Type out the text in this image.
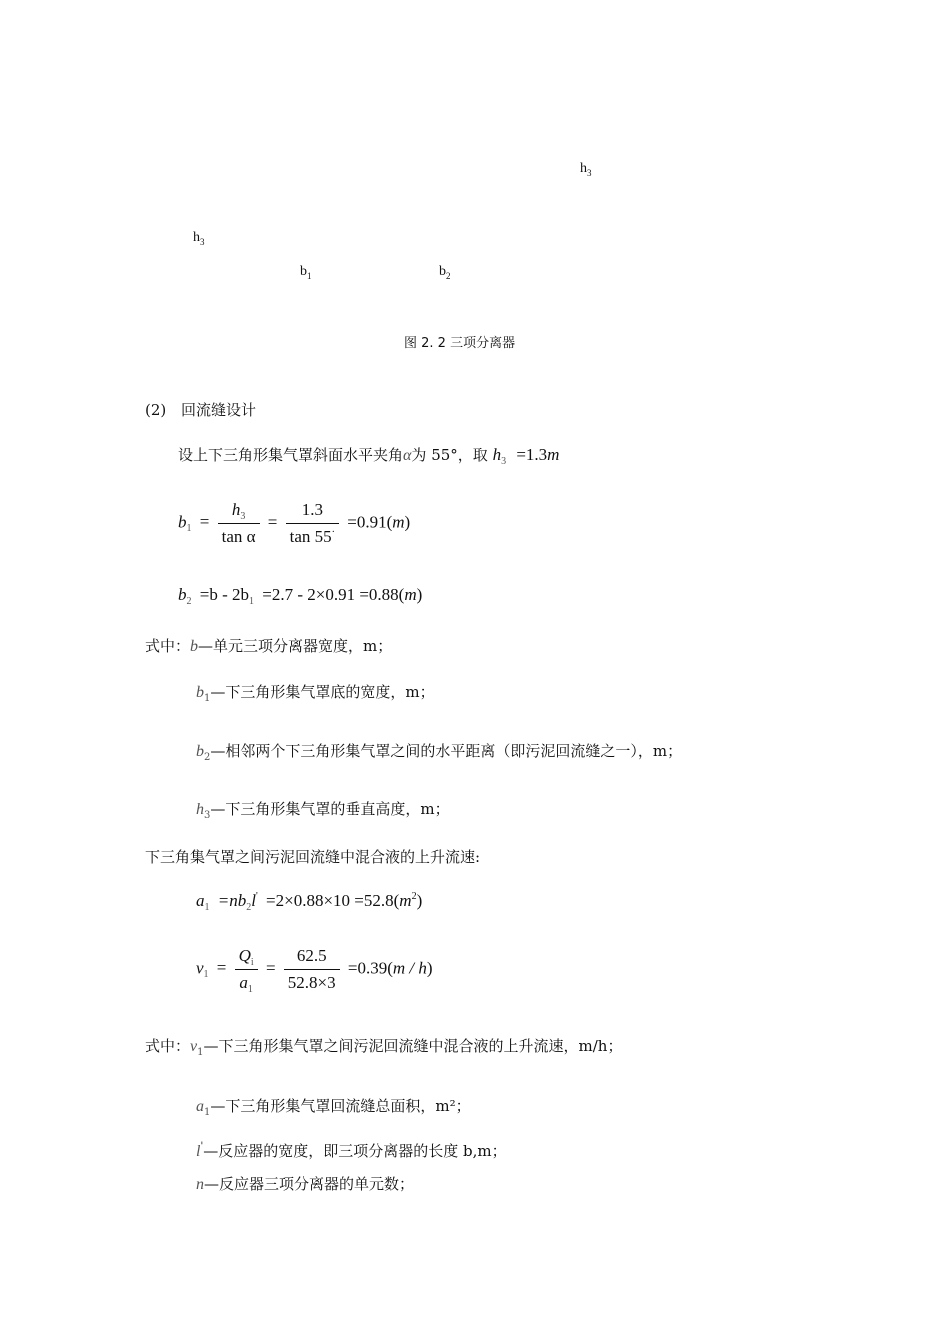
$h_3$
$h_3$
$b_1$	$b_2$
图 2. 2 三项分离器
(2) 回流缝设计
设上下三角形集气罩斜面水平夹角α为 55°，取 $h_3 =1.3m$
$b_1 = \frac{h_3}{\text{tan α}} = \frac{1.3}{\tan 55^\cdot} =0.91(m)$
$b_2 =b - 2b_1 =2.7 - 2\times 0.91 =0.88(m)$
式中：b—单元三项分离器宽度，m；
$b_1—$下三角形集气罩底的宽度，m；
$b_2—$相邻两个下三角形集气罩之间的水平距离（即污泥回流缝之一），m；
$h_3—$下三角形集气罩的垂直高度，m；
下三角集气罩之间污泥回流缝中混合液的上升流速:
$a_1 =nb_2l' =2\times 0.88\times 10 =52.8(m^2)$
$v_1 = \frac{Q_i}{a_1} = \frac{62.5}{52.8\times 3} =0.39(m / h)$
式中：$v_1—$下三角形集气罩之间污泥回流缝中混合液的上升流速，m/h；
$a_1—$下三角形集气罩回流缝总面积，m²；
l'—反应器的宽度，即三项分离器的长度 b,m；
n—反应器三项分离器的单元数；
